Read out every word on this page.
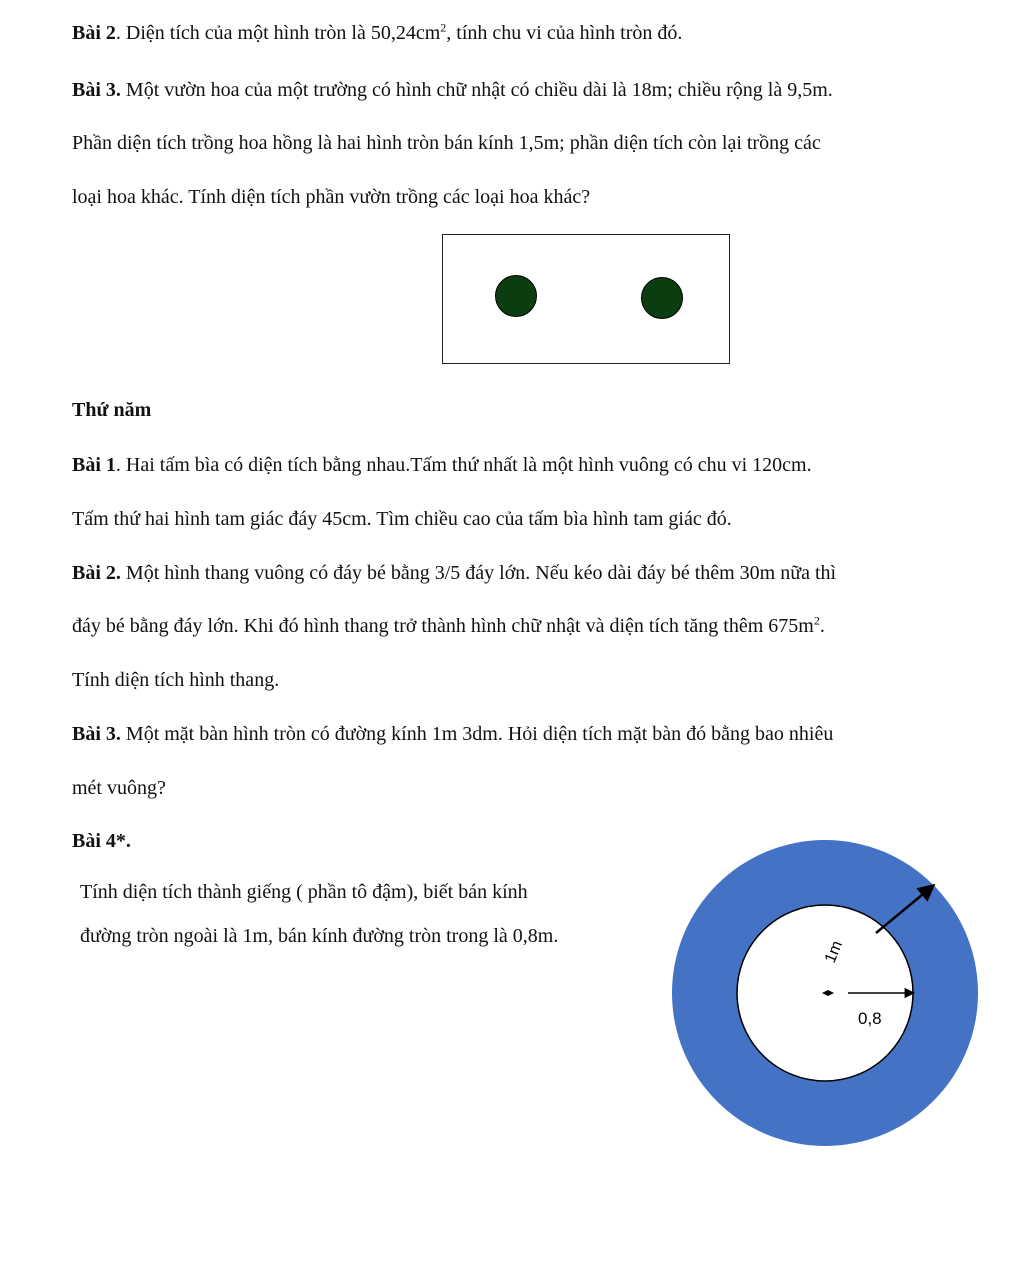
Bài 2. Diện tích của một hình tròn là $50,24cm^2$, tính chu vi của hình tròn đó.
Bài 3. Một vườn hoa của một trường có hình chữ nhật có chiều dài là 18m; chiều rộng là 9,5m.
Phần diện tích trồng hoa hồng là hai hình tròn bán kính 1,5m; phần diện tích còn lại trồng các
loại hoa khác. Tính diện tích phần vườn trồng các loại hoa khác?
Thứ năm
Bài 1. Hai tấm bìa có diện tích bằng nhau.Tấm thứ nhất là một hình vuông có chu vi 120cm.
Tấm thứ hai hình tam giác đáy 45cm. Tìm chiều cao của tấm bìa hình tam giác đó.
Bài 2. Một hình thang vuông có đáy bé bằng 3/5 đáy lớn. Nếu kéo dài đáy bé thêm 30m nữa thì
đáy bé bằng đáy lớn. Khi đó hình thang trở thành hình chữ nhật và diện tích tăng thêm $675m^2$.
Tính diện tích hình thang.
Bài 3. Một mặt bàn hình tròn có đường kính 1m 3dm. Hỏi diện tích mặt bàn đó bằng bao nhiêu
mét vuông?
Bài 4*.
Tính diện tích thành giếng ( phần tô đậm), biết bán kính
đường tròn ngoài là 1m, bán kính đường tròn trong là 0,8m.
1m
0,8
